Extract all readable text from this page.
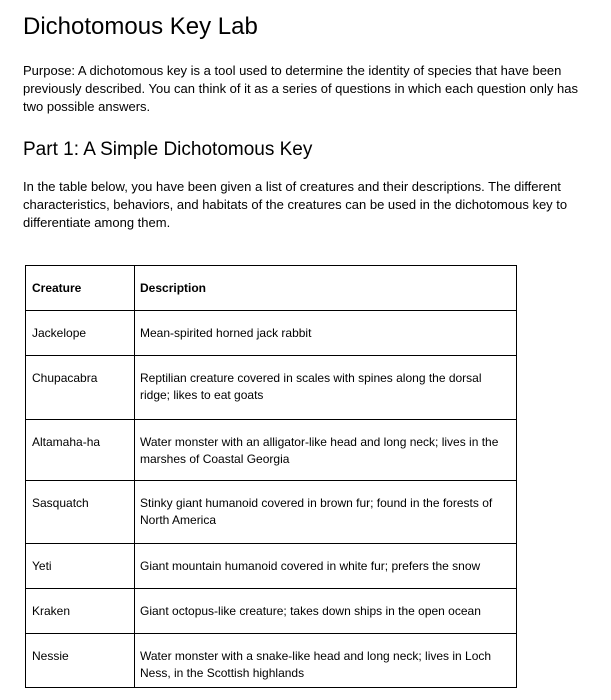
Dichotomous Key Lab

Purpose: A dichotomous key is a tool used to determine the identity of species that have been previously described. You can think of it as a series of questions in which each question only has two possible answers.

Part 1: A Simple Dichotomous Key

In the table below, you have been given a list of creatures and their descriptions. The different characteristics, behaviors, and habitats of the creatures can be used in the dichotomous key to differentiate among them.

Creature	Description

Jackelope	Mean-spirited horned jack rabbit

Chupacabra	Reptilian creature covered in scales with spines along the dorsal ridge; likes to eat goats

Altamaha-ha	Water monster with an alligator-like head and long neck; lives in the marshes of Coastal Georgia

Sasquatch	Stinky giant humanoid covered in brown fur; found in the forests of North America

Yeti	Giant mountain humanoid covered in white fur; prefers the snow

Kraken	Giant octopus-like creature; takes down ships in the open ocean

Nessie	Water monster with a snake-like head and long neck; lives in Loch Ness, in the Scottish highlands
